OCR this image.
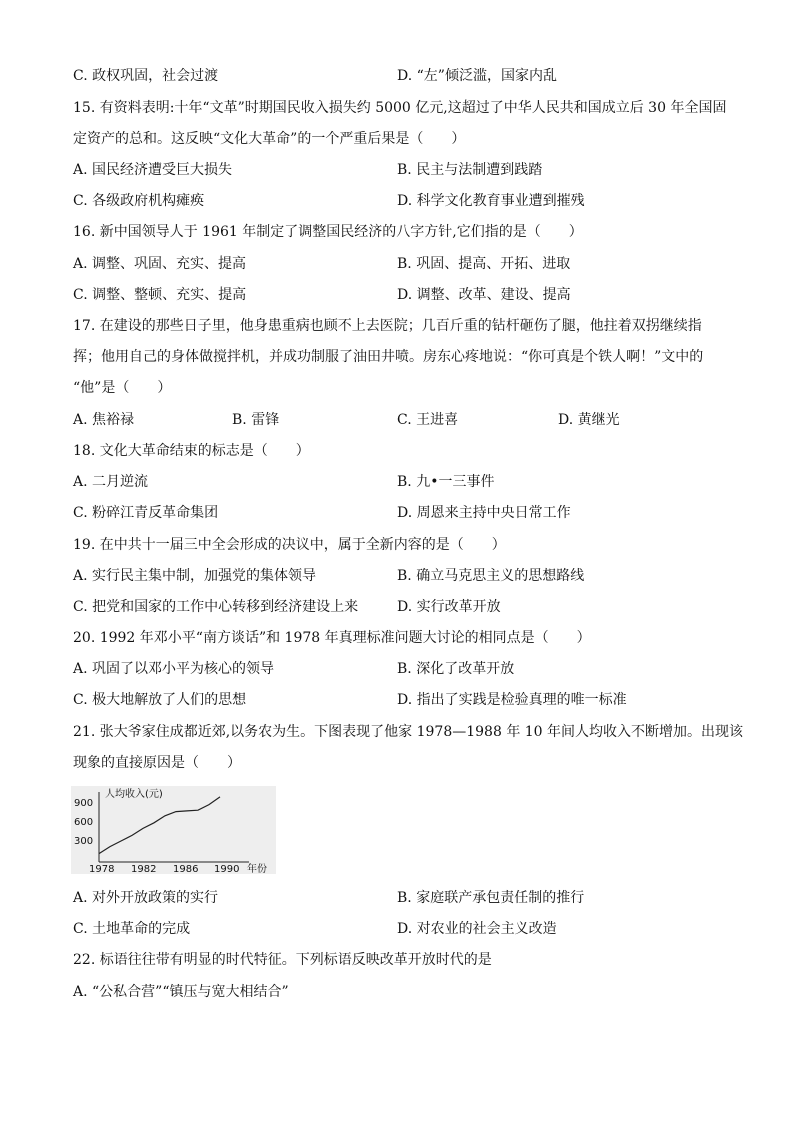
C. 政权巩固，社会过渡	D. “左”倾泛滥，国家内乱
15. 有资料表明:十年“文革”时期国民收入损失约 5000 亿元,这超过了中华人民共和国成立后 30 年全国固
定资产的总和。这反映“文化大革命”的一个严重后果是（　　）
A. 国民经济遭受巨大损失	B. 民主与法制遭到践踏
C. 各级政府机构瘫痪	D. 科学文化教育事业遭到摧残
16. 新中国领导人于 1961 年制定了调整国民经济的八字方针,它们指的是（　　）
A. 调整、巩固、充实、提高	B. 巩固、提高、开拓、进取
C. 调整、整顿、充实、提高	D. 调整、改革、建设、提高
17. 在建设的那些日子里，他身患重病也顾不上去医院；几百斤重的钻杆砸伤了腿，他拄着双拐继续指
挥；他用自己的身体做搅拌机，并成功制服了油田井喷。房东心疼地说：“你可真是个铁人啊！”文中的
“他”是（　　）
A. 焦裕禄	B. 雷锋	C. 王进喜	D. 黄继光
18. 文化大革命结束的标志是（　　）
A. 二月逆流	B. 九•一三事件
C. 粉碎江青反革命集团	D. 周恩来主持中央日常工作
19. 在中共十一届三中全会形成的决议中，属于全新内容的是（　　）
A. 实行民主集中制，加强党的集体领导	B. 确立马克思主义的思想路线
C. 把党和国家的工作中心转移到经济建设上来	D. 实行改革开放
20. 1992 年邓小平“南方谈话”和 1978 年真理标准问题大讨论的相同点是（　　）
A. 巩固了以邓小平为核心的领导	B. 深化了改革开放
C. 极大地解放了人们的思想	D. 指出了实践是检验真理的唯一标准
21. 张大爷家住成都近郊,以务农为生。下图表现了他家 1978—1988 年 10 年间人均收入不断增加。出现该
现象的直接原因是（　　）
人均收入(元)
年份
900
600
300
1978 1982 1986 1990
A. 对外开放政策的实行	B. 家庭联产承包责任制的推行
C. 土地革命的完成	D. 对农业的社会主义改造
22. 标语往往带有明显的时代特征。下列标语反映改革开放时代的是
A. “公私合营”“镇压与宽大相结合”
